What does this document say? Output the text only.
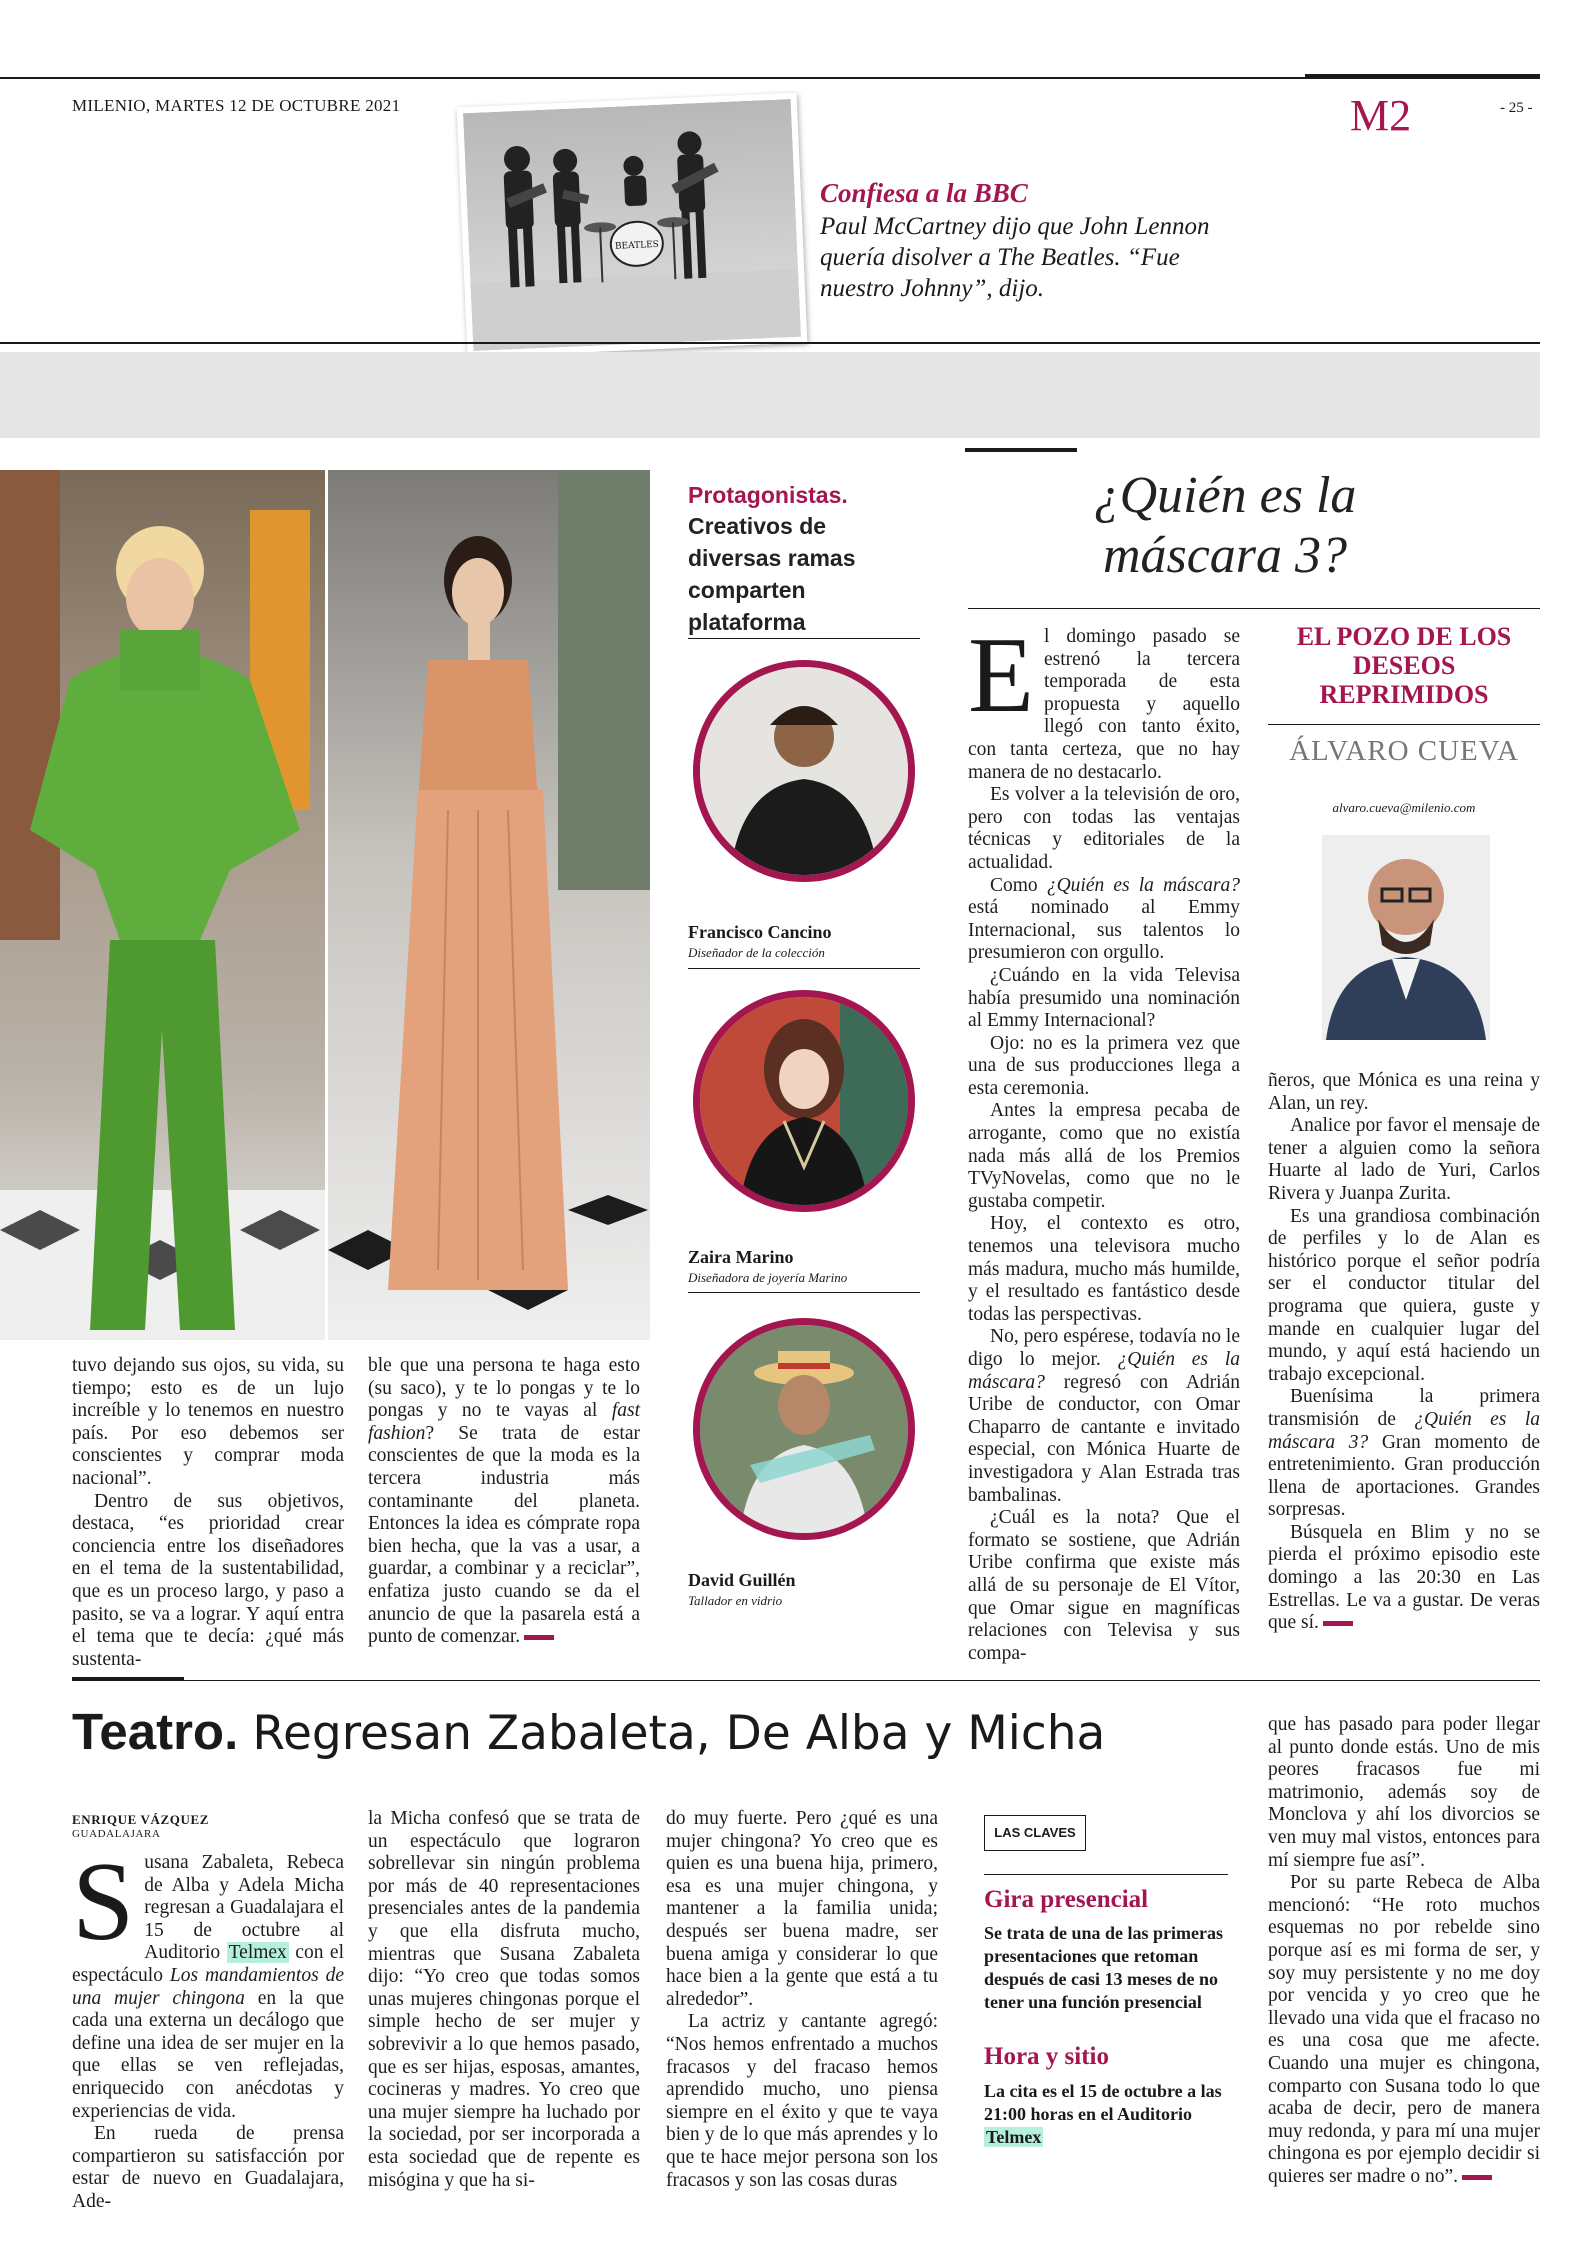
MILENIO, MARTES 12 DE OCTUBRE 2021	M2	- 25 -
BEATLES
Confiesa a la BBC
Paul McCartney dijo que John Lennon quería disolver a The Beatles. “Fue nuestro Johnny”, dijo.

tuvo dejando sus ojos, su vida, su tiempo; esto es de un lujo increíble y lo tenemos en nuestro país. Por eso debemos ser conscientes y comprar moda nacional”.

Dentro de sus objetivos, destaca, “es prioridad crear conciencia entre los diseñadores en el tema de la sustentabilidad, que es un proceso largo, y paso a pasito, se va a lograr. Y aquí entra el tema que te decía: ¿qué más sustenta-

ble que una persona te haga esto (su saco), y te lo pongas y te lo pongas y no te vayas al fast fashion? Se trata de estar conscientes de que la moda es la tercera industria más contaminante del planeta. Entonces la idea es cómprate ropa bien hecha, que la vas a usar, a guardar, a combinar y a reciclar”, enfatiza justo cuando se da el anuncio de que la pasarela está a punto de comenzar.

Protagonistas.
Creativos de diversas ramas comparten plataforma
Francisco Cancino
Diseñador de la colección
Zaira Marino
Diseñadora de joyería Marino
David Guillén
Tallador en vidrio
¿Quién es la máscara 3?
E l domingo pasado se estrenó la tercera temporada de esta propuesta y aquello llegó con tanto éxito, con tanta certeza, que no hay manera de no destacarlo.

Es volver a la televisión de oro, pero con todas las ventajas técnicas y editoriales de la actualidad.

Como ¿Quién es la máscara? está nominado al Emmy Internacional, sus talentos lo presumieron con orgullo.

¿Cuándo en la vida Televisa había presumido una nominación al Emmy Internacional?

Ojo: no es la primera vez que una de sus producciones llega a esta ceremonia.

Antes la empresa pecaba de arrogante, como que no existía nada más allá de los Premios TVyNovelas, como que no le gustaba competir.

Hoy, el contexto es otro, tenemos una televisora mucho más madura, mucho más humilde, y el resultado es fantástico desde todas las perspectivas.

No, pero espérese, todavía no le digo lo mejor. ¿Quién es la máscara? regresó con Adrián Uribe de conductor, con Omar Chaparro de cantante e invitado especial, con Mónica Huarte de investigadora y Alan Estrada tras bambalinas.

¿Cuál es la nota? Que el formato se sostiene, que Adrián Uribe confirma que existe más allá de su personaje de El Vítor, que Omar sigue en magníficas relaciones con Televisa y sus compa-

EL POZO DE LOS DESEOS REPRIMIDOS
ÁLVARO CUEVA
alvaro.cueva@milenio.com

ñeros, que Mónica es una reina y Alan, un rey.

Analice por favor el mensaje de tener a alguien como la señora Huarte al lado de Yuri, Carlos Rivera y Juanpa Zurita.

Es una grandiosa combinación de perfiles y lo de Alan es histórico porque el señor podría ser el conductor titular del programa que quiera, guste y mande en cualquier lugar del mundo, y aquí está haciendo un trabajo excepcional.

Buenísima la primera transmisión de ¿Quién es la máscara 3? Gran momento de entretenimiento. Gran producción llena de aportaciones. Grandes sorpresas.

Búsquela en Blim y no se pierda el próximo episodio este domingo a las 20:30 en Las Estrellas. Le va a gustar. De veras que sí.

Teatro. Regresan Zabaleta, De Alba y Micha
ENRIQUE VÁZQUEZ
GUADALAJARA
S usana Zabaleta, Rebeca de Alba y Adela Micha regresan a Guadalajara el 15 de octubre al Auditorio Telmex con el espectáculo Los mandamientos de una mujer chingona en la que cada una externa un decálogo que define una idea de ser mujer en la que ellas se ven reflejadas, enriquecido con anécdotas y experiencias de vida.

En rueda de prensa compartieron su satisfacción por estar de nuevo en Guadalajara, Ade-

la Micha confesó que se trata de un espectáculo que lograron sobrellevar sin ningún problema por más de 40 representaciones presenciales antes de la pandemia y que ella disfruta mucho, mientras que Susana Zabaleta dijo: “Yo creo que todas somos unas mujeres chingonas porque el simple hecho de ser mujer y sobrevivir a lo que hemos pasado, que es ser hijas, esposas, amantes, cocineras y madres. Yo creo que una mujer siempre ha luchado por la sociedad, por ser incorporada a esta sociedad que de repente es misógina y que ha si-

do muy fuerte. Pero ¿qué es una mujer chingona? Yo creo que es quien es una buena hija, primero, esa es una mujer chingona, y mantener a la familia unida; después ser buena madre, ser buena amiga y considerar lo que hace bien a la gente que está a tu alrededor”.

La actriz y cantante agregó: “Nos hemos enfrentado a muchos fracasos y del fracaso hemos aprendido mucho, uno piensa siempre en el éxito y que te vaya bien y de lo que más aprendes y lo que te hace mejor persona son los fracasos y son las cosas duras

LAS CLAVES
Gira presencial
Se trata de una de las primeras presentaciones que retoman después de casi 13 meses de no tener una función presencial
Hora y sitio
La cita es el 15 de octubre a las 21:00 horas en el Auditorio Telmex

que has pasado para poder llegar al punto donde estás. Uno de mis peores fracasos fue mi matrimonio, además soy de Monclova y ahí los divorcios se ven muy mal vistos, entonces para mí siempre fue así”.

Por su parte Rebeca de Alba mencionó: “He roto muchos esquemas no por rebelde sino porque así es mi forma de ser, y soy muy persistente y no me doy por vencida y yo creo que he llevado una vida que el fracaso no es una cosa que me afecte. Cuando una mujer es chingona, comparto con Susana todo lo que acaba de decir, pero de manera muy redonda, y para mí una mujer chingona es por ejemplo decidir si quieres ser madre o no”.
